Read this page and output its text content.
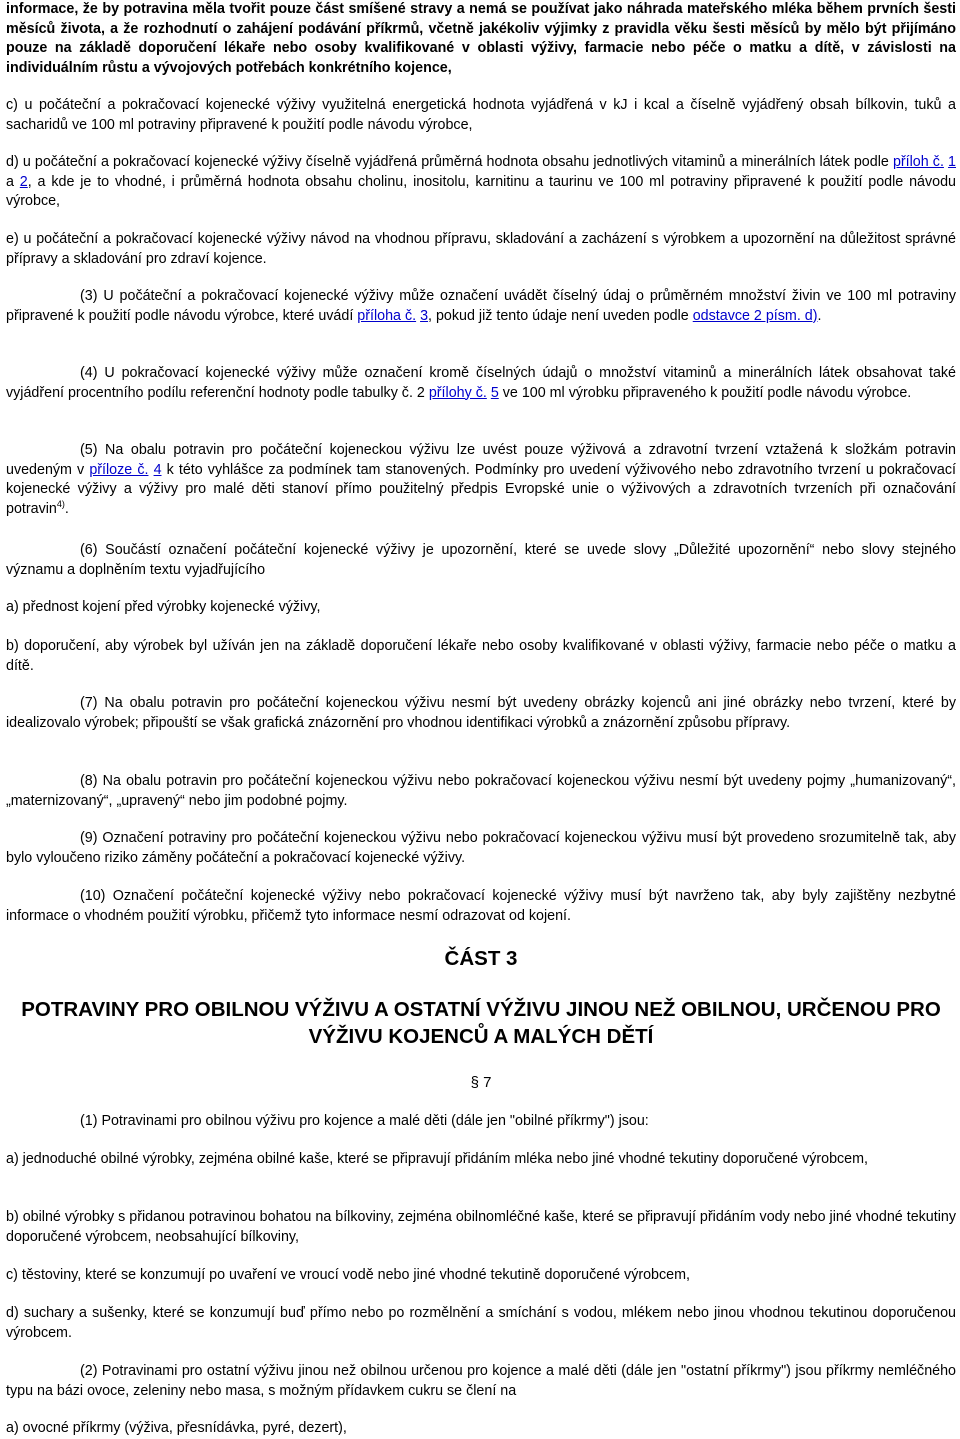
informace, že by potravina měla tvořit pouze část smíšené stravy a nemá se používat jako náhrada mateřského mléka během prvních šesti měsíců života, a že rozhodnutí o zahájení podávání příkrmů, včetně jakékoliv výjimky z pravidla věku šesti měsíců by mělo být přijímáno pouze na základě doporučení lékaře nebo osoby kvalifikované v oblasti výživy, farmacie nebo péče o matku a dítě, v závislosti na individuálním růstu a vývojových potřebách konkrétního kojence,

c) u počáteční a pokračovací kojenecké výživy využitelná energetická hodnota vyjádřená v kJ i kcal a číselně vyjádřený obsah bílkovin, tuků a sacharidů ve 100 ml potraviny připravené k použití podle návodu výrobce,

d) u počáteční a pokračovací kojenecké výživy číselně vyjádřená průměrná hodnota obsahu jednotlivých vitaminů a minerálních látek podle příloh č. 1 a 2, a kde je to vhodné, i průměrná hodnota obsahu cholinu, inositolu, karnitinu a taurinu ve 100 ml potraviny připravené k použití podle návodu výrobce,

e) u počáteční a pokračovací kojenecké výživy návod na vhodnou přípravu, skladování a zacházení s výrobkem a upozornění na důležitost správné přípravy a skladování pro zdraví kojence.

(3) U počáteční a pokračovací kojenecké výživy může označení uvádět číselný údaj o průměrném množství živin ve 100 ml potraviny připravené k použití podle návodu výrobce, které uvádí příloha č. 3, pokud již tento údaje není uveden podle odstavce 2 písm. d).

(4) U pokračovací kojenecké výživy může označení kromě číselných údajů o množství vitaminů a minerálních látek obsahovat také vyjádření procentního podílu referenční hodnoty podle tabulky č. 2 přílohy č. 5 ve 100 ml výrobku připraveného k použití podle návodu výrobce.

(5) Na obalu potravin pro počáteční kojeneckou výživu lze uvést pouze výživová a zdravotní tvrzení vztažená k složkám potravin uvedeným v příloze č. 4 k této vyhlášce za podmínek tam stanovených. Podmínky pro uvedení výživového nebo zdravotního tvrzení u pokračovací kojenecké výživy a výživy pro malé děti stanoví přímo použitelný předpis Evropské unie o výživových a zdravotních tvrzeních při označování potravin$^{4)}$.

(6) Součástí označení počáteční kojenecké výživy je upozornění, které se uvede slovy „Důležité upozornění“ nebo slovy stejného významu a doplněním textu vyjadřujícího

a) přednost kojení před výrobky kojenecké výživy,

b) doporučení, aby výrobek byl užíván jen na základě doporučení lékaře nebo osoby kvalifikované v oblasti výživy, farmacie nebo péče o matku a dítě.

(7) Na obalu potravin pro počáteční kojeneckou výživu nesmí být uvedeny obrázky kojenců ani jiné obrázky nebo tvrzení, které by idealizovalo výrobek; připouští se však grafická znázornění pro vhodnou identifikaci výrobků a znázornění způsobu přípravy.

(8) Na obalu potravin pro počáteční kojeneckou výživu nebo pokračovací kojeneckou výživu nesmí být uvedeny pojmy „humanizovaný“, „maternizovaný“, „upravený“ nebo jim podobné pojmy.

(9) Označení potraviny pro počáteční kojeneckou výživu nebo pokračovací kojeneckou výživu musí být provedeno srozumitelně tak, aby bylo vyloučeno riziko záměny počáteční a pokračovací kojenecké výživy.

(10) Označení počáteční kojenecké výživy nebo pokračovací kojenecké výživy musí být navrženo tak, aby byly zajištěny nezbytné informace o vhodném použití výrobku, přičemž tyto informace nesmí odrazovat od kojení.

ČÁST 3
POTRAVINY PRO OBILNOU VÝŽIVU A OSTATNÍ VÝŽIVU JINOU NEŽ OBILNOU, URČENOU PRO VÝŽIVU KOJENCŮ A MALÝCH DĚTÍ
§ 7

(1) Potravinami pro obilnou výživu pro kojence a malé děti (dále jen "obilné příkrmy") jsou:

a) jednoduché obilné výrobky, zejména obilné kaše, které se připravují přidáním mléka nebo jiné vhodné tekutiny doporučené výrobcem,

b) obilné výrobky s přidanou potravinou bohatou na bílkoviny, zejména obilnomléčné kaše, které se připravují přidáním vody nebo jiné vhodné tekutiny doporučené výrobcem, neobsahující bílkoviny,

c) těstoviny, které se konzumují po uvaření ve vroucí vodě nebo jiné vhodné tekutině doporučené výrobcem,

d) suchary a sušenky, které se konzumují buď přímo nebo po rozmělnění a smíchání s vodou, mlékem nebo jinou vhodnou tekutinou doporučenou výrobcem.

(2) Potravinami pro ostatní výživu jinou než obilnou určenou pro kojence a malé děti (dále jen "ostatní příkrmy") jsou příkrmy nemléčného typu na bázi ovoce, zeleniny nebo masa, s možným přídavkem cukru se člení na

a) ovocné příkrmy (výživa, přesnídávka, pyré, dezert),
